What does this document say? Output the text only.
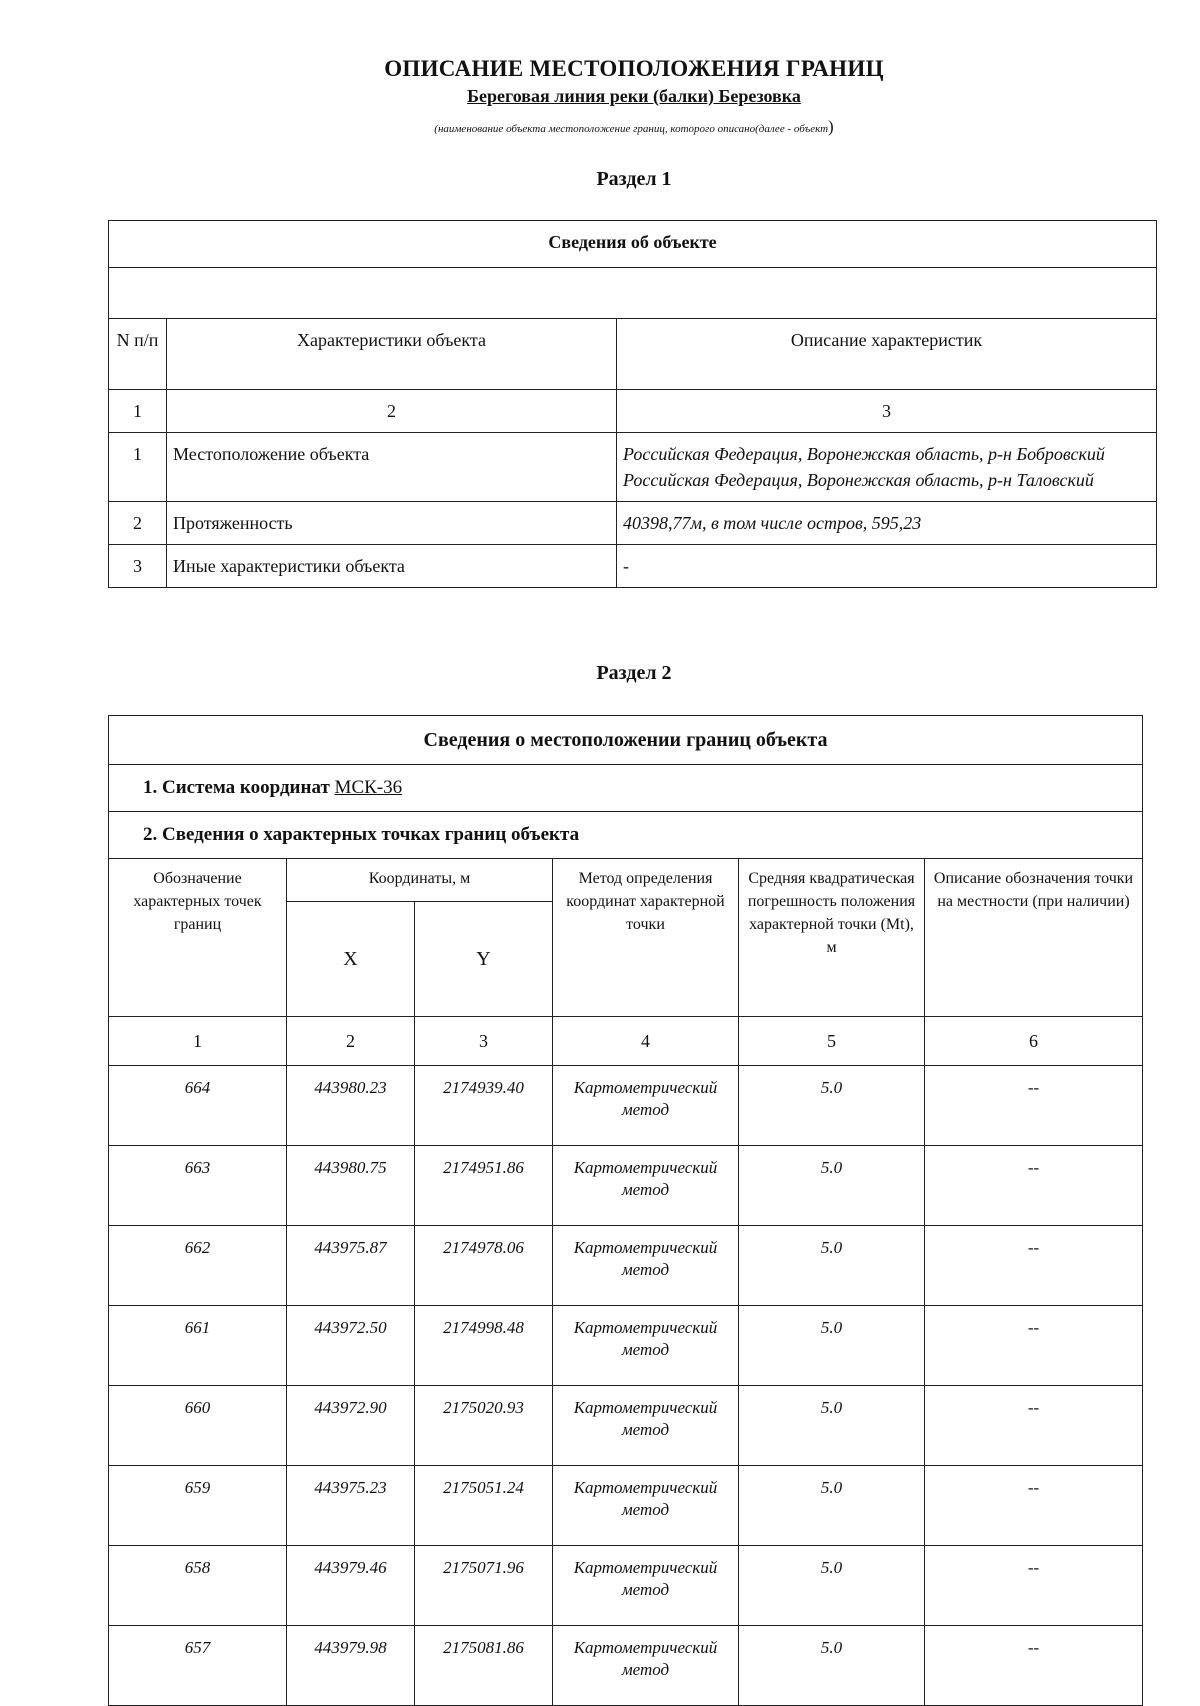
ОПИСАНИЕ МЕСТОПОЛОЖЕНИЯ ГРАНИЦ
Береговая линия реки (балки) Березовка
(наименование объекта местоположение границ, которого описано(далее - объект)
Раздел 1
Сведения об объекте		

N п/п	Характеристики объекта	Описание характеристик
1	2	3
1	Местоположение объекта	Российская Федерация, Воронежская область, р-н Бобровский Российская Федерация, Воронежская область, р-н Таловский
2	Протяженность	40398,77м, в том числе остров, 595,23
3	Иные характеристики объекта	-
Раздел 2
Сведения о местоположении границ объекта					
1. Система координат МСК-36					
2. Сведения о характерных точках границ объекта					
Обозначение характерных точек границ	Координаты, м		Метод определения координат характерной точки	Средняя квадратическая погрешность положения характерной точки (Mt), м	Описание обозначения точки на местности (при наличии)
	X	Y			
1	2	3	4	5	6
664	443980.23	2174939.40	Картометрический метод	5.0	--
663	443980.75	2174951.86	Картометрический метод	5.0	--
662	443975.87	2174978.06	Картометрический метод	5.0	--
661	443972.50	2174998.48	Картометрический метод	5.0	--
660	443972.90	2175020.93	Картометрический метод	5.0	--
659	443975.23	2175051.24	Картометрический метод	5.0	--
658	443979.46	2175071.96	Картометрический метод	5.0	--
657	443979.98	2175081.86	Картометрический метод	5.0	--
